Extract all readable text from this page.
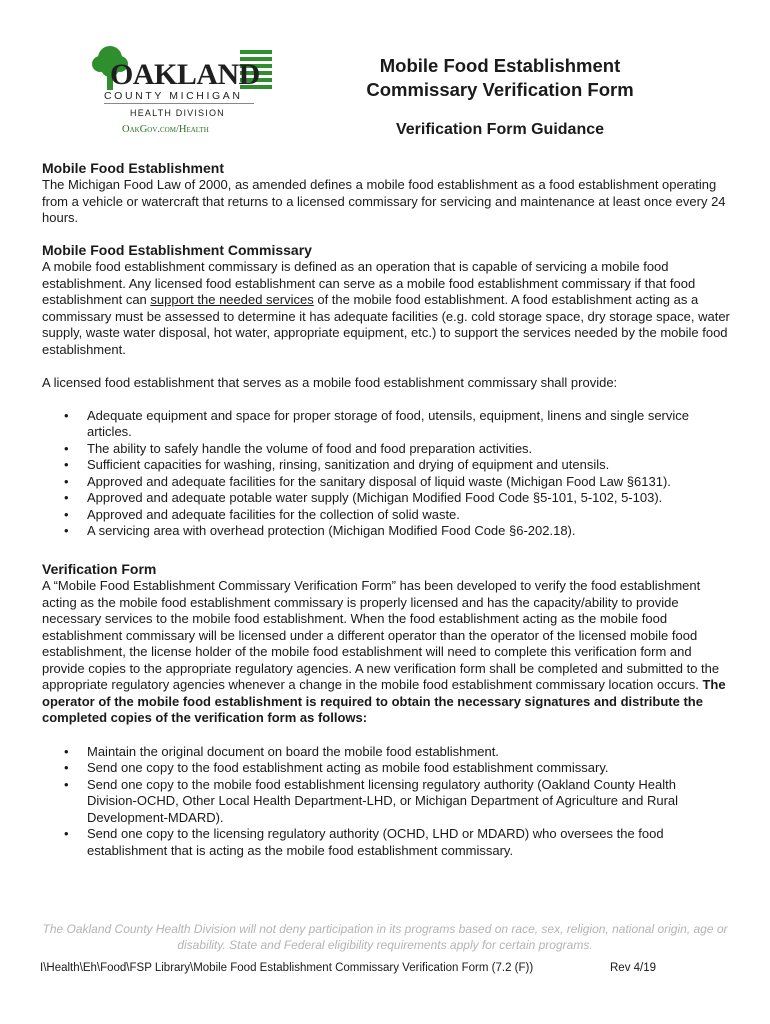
OAKLAND
COUNTY MICHIGAN
HEALTH DIVISION
OakGov.com/Health
Mobile Food Establishment
Commissary Verification Form
Verification Form Guidance
Mobile Food Establishment
The Michigan Food Law of 2000, as amended defines a mobile food establishment as a food establishment operating from a vehicle or watercraft that returns to a licensed commissary for servicing and maintenance at least once every 24 hours.
Mobile Food Establishment Commissary
A mobile food establishment commissary is defined as an operation that is capable of servicing a mobile food establishment. Any licensed food establishment can serve as a mobile food establishment commissary if that food establishment can support the needed services of the mobile food establishment. A food establishment acting as a commissary must be assessed to determine it has adequate facilities (e.g. cold storage space, dry storage space, water supply, waste water disposal, hot water, appropriate equipment, etc.) to support the services needed by the mobile food establishment.
A licensed food establishment that serves as a mobile food establishment commissary shall provide:
• Adequate equipment and space for proper storage of food, utensils, equipment, linens and single service articles.
• The ability to safely handle the volume of food and food preparation activities.
• Sufficient capacities for washing, rinsing, sanitization and drying of equipment and utensils.
• Approved and adequate facilities for the sanitary disposal of liquid waste (Michigan Food Law §6131).
• Approved and adequate potable water supply (Michigan Modified Food Code §5-101, 5-102, 5-103).
• Approved and adequate facilities for the collection of solid waste.
• A servicing area with overhead protection (Michigan Modified Food Code §6-202.18).
Verification Form
A “Mobile Food Establishment Commissary Verification Form” has been developed to verify the food establishment acting as the mobile food establishment commissary is properly licensed and has the capacity/ability to provide necessary services to the mobile food establishment. When the food establishment acting as the mobile food establishment commissary will be licensed under a different operator than the operator of the licensed mobile food establishment, the license holder of the mobile food establishment will need to complete this verification form and provide copies to the appropriate regulatory agencies. A new verification form shall be completed and submitted to the appropriate regulatory agencies whenever a change in the mobile food establishment commissary location occurs. The operator of the mobile food establishment is required to obtain the necessary signatures and distribute the completed copies of the verification form as follows:
• Maintain the original document on board the mobile food establishment.
• Send one copy to the food establishment acting as mobile food establishment commissary.
• Send one copy to the mobile food establishment licensing regulatory authority (Oakland County Health Division-OCHD, Other Local Health Department-LHD, or Michigan Department of Agriculture and Rural Development-MDARD).
• Send one copy to the licensing regulatory authority (OCHD, LHD or MDARD) who oversees the food establishment that is acting as the mobile food establishment commissary.
The Oakland County Health Division will not deny participation in its programs based on race, sex, religion, national origin, age or disability. State and Federal eligibility requirements apply for certain programs.
I\Health\Eh\Food\FSP Library\Mobile Food Establishment Commissary Verification Form (7.2 (F))	Rev 4/19
